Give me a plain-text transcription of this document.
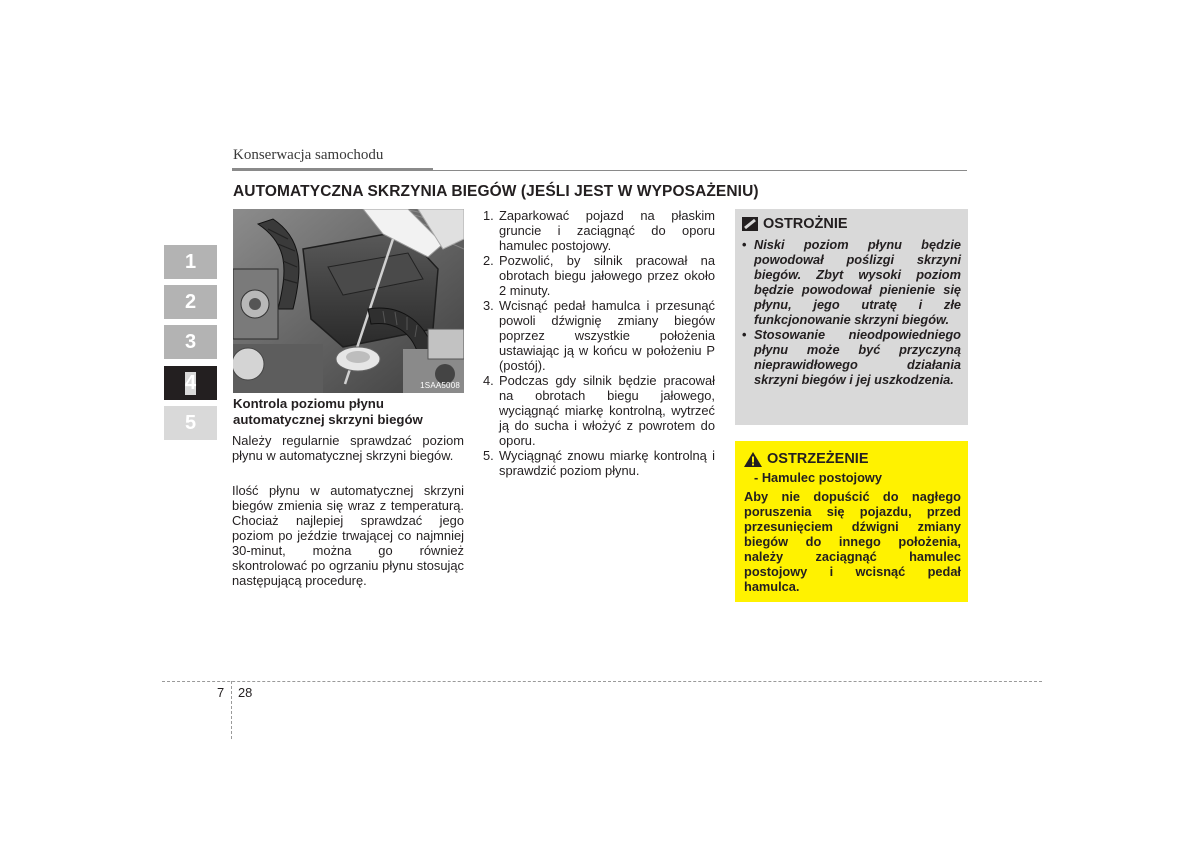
Konserwacja samochodu
AUTOMATYCZNA SKRZYNIA BIEGÓW (JEŚLI JEST W WYPOSAŻENIU)
1
2
3
4
5
6
7
8
9
1SAA5008
Kontrola poziomu płynu automatycznej skrzyni biegów

Należy regularnie sprawdzać poziom płynu w automatycznej skrzyni biegów.

Ilość płynu w automatycznej skrzyni biegów zmienia się wraz z temperaturą. Chociaż najlepiej sprawdzać jego poziom po jeździe trwającej co najmniej 30-minut, można go również skontrolować po ogrzaniu płynu stosując następującą procedurę.

1. Zaparkować pojazd na płaskim gruncie i zaciągnąć do oporu hamulec postojowy.
2. Pozwolić, by silnik pracował na obrotach biegu jałowego przez około 2 minuty.
3. Wcisnąć pedał hamulca i przesunąć powoli dźwignię zmiany biegów poprzez wszystkie położenia ustawiając ją w końcu w położeniu P (postój).
4. Podczas gdy silnik będzie pracował na obrotach biegu jałowego, wyciągnąć miarkę kontrolną, wytrzeć ją do sucha i włożyć z powrotem do oporu.
5. Wyciągnąć znowu miarkę kontrolną i sprawdzić poziom płynu.
OSTROŻNIE
• Niski poziom płynu będzie powodował poślizgi skrzyni biegów. Zbyt wysoki poziom będzie powodował pienienie się płynu, jego utratę i złe funkcjonowanie skrzyni biegów.
• Stosowanie nieodpowiedniego płynu może być przyczyną nieprawidłowego działania skrzyni biegów i jej uszkodzenia.
OSTRZEŻENIE
- Hamulec postojowy

Aby nie dopuścić do nagłego poruszenia się pojazdu, przed przesunięciem dźwigni zmiany biegów do innego położenia, należy zaciągnąć hamulec postojowy i wcisnąć pedał hamulca.

7 28
